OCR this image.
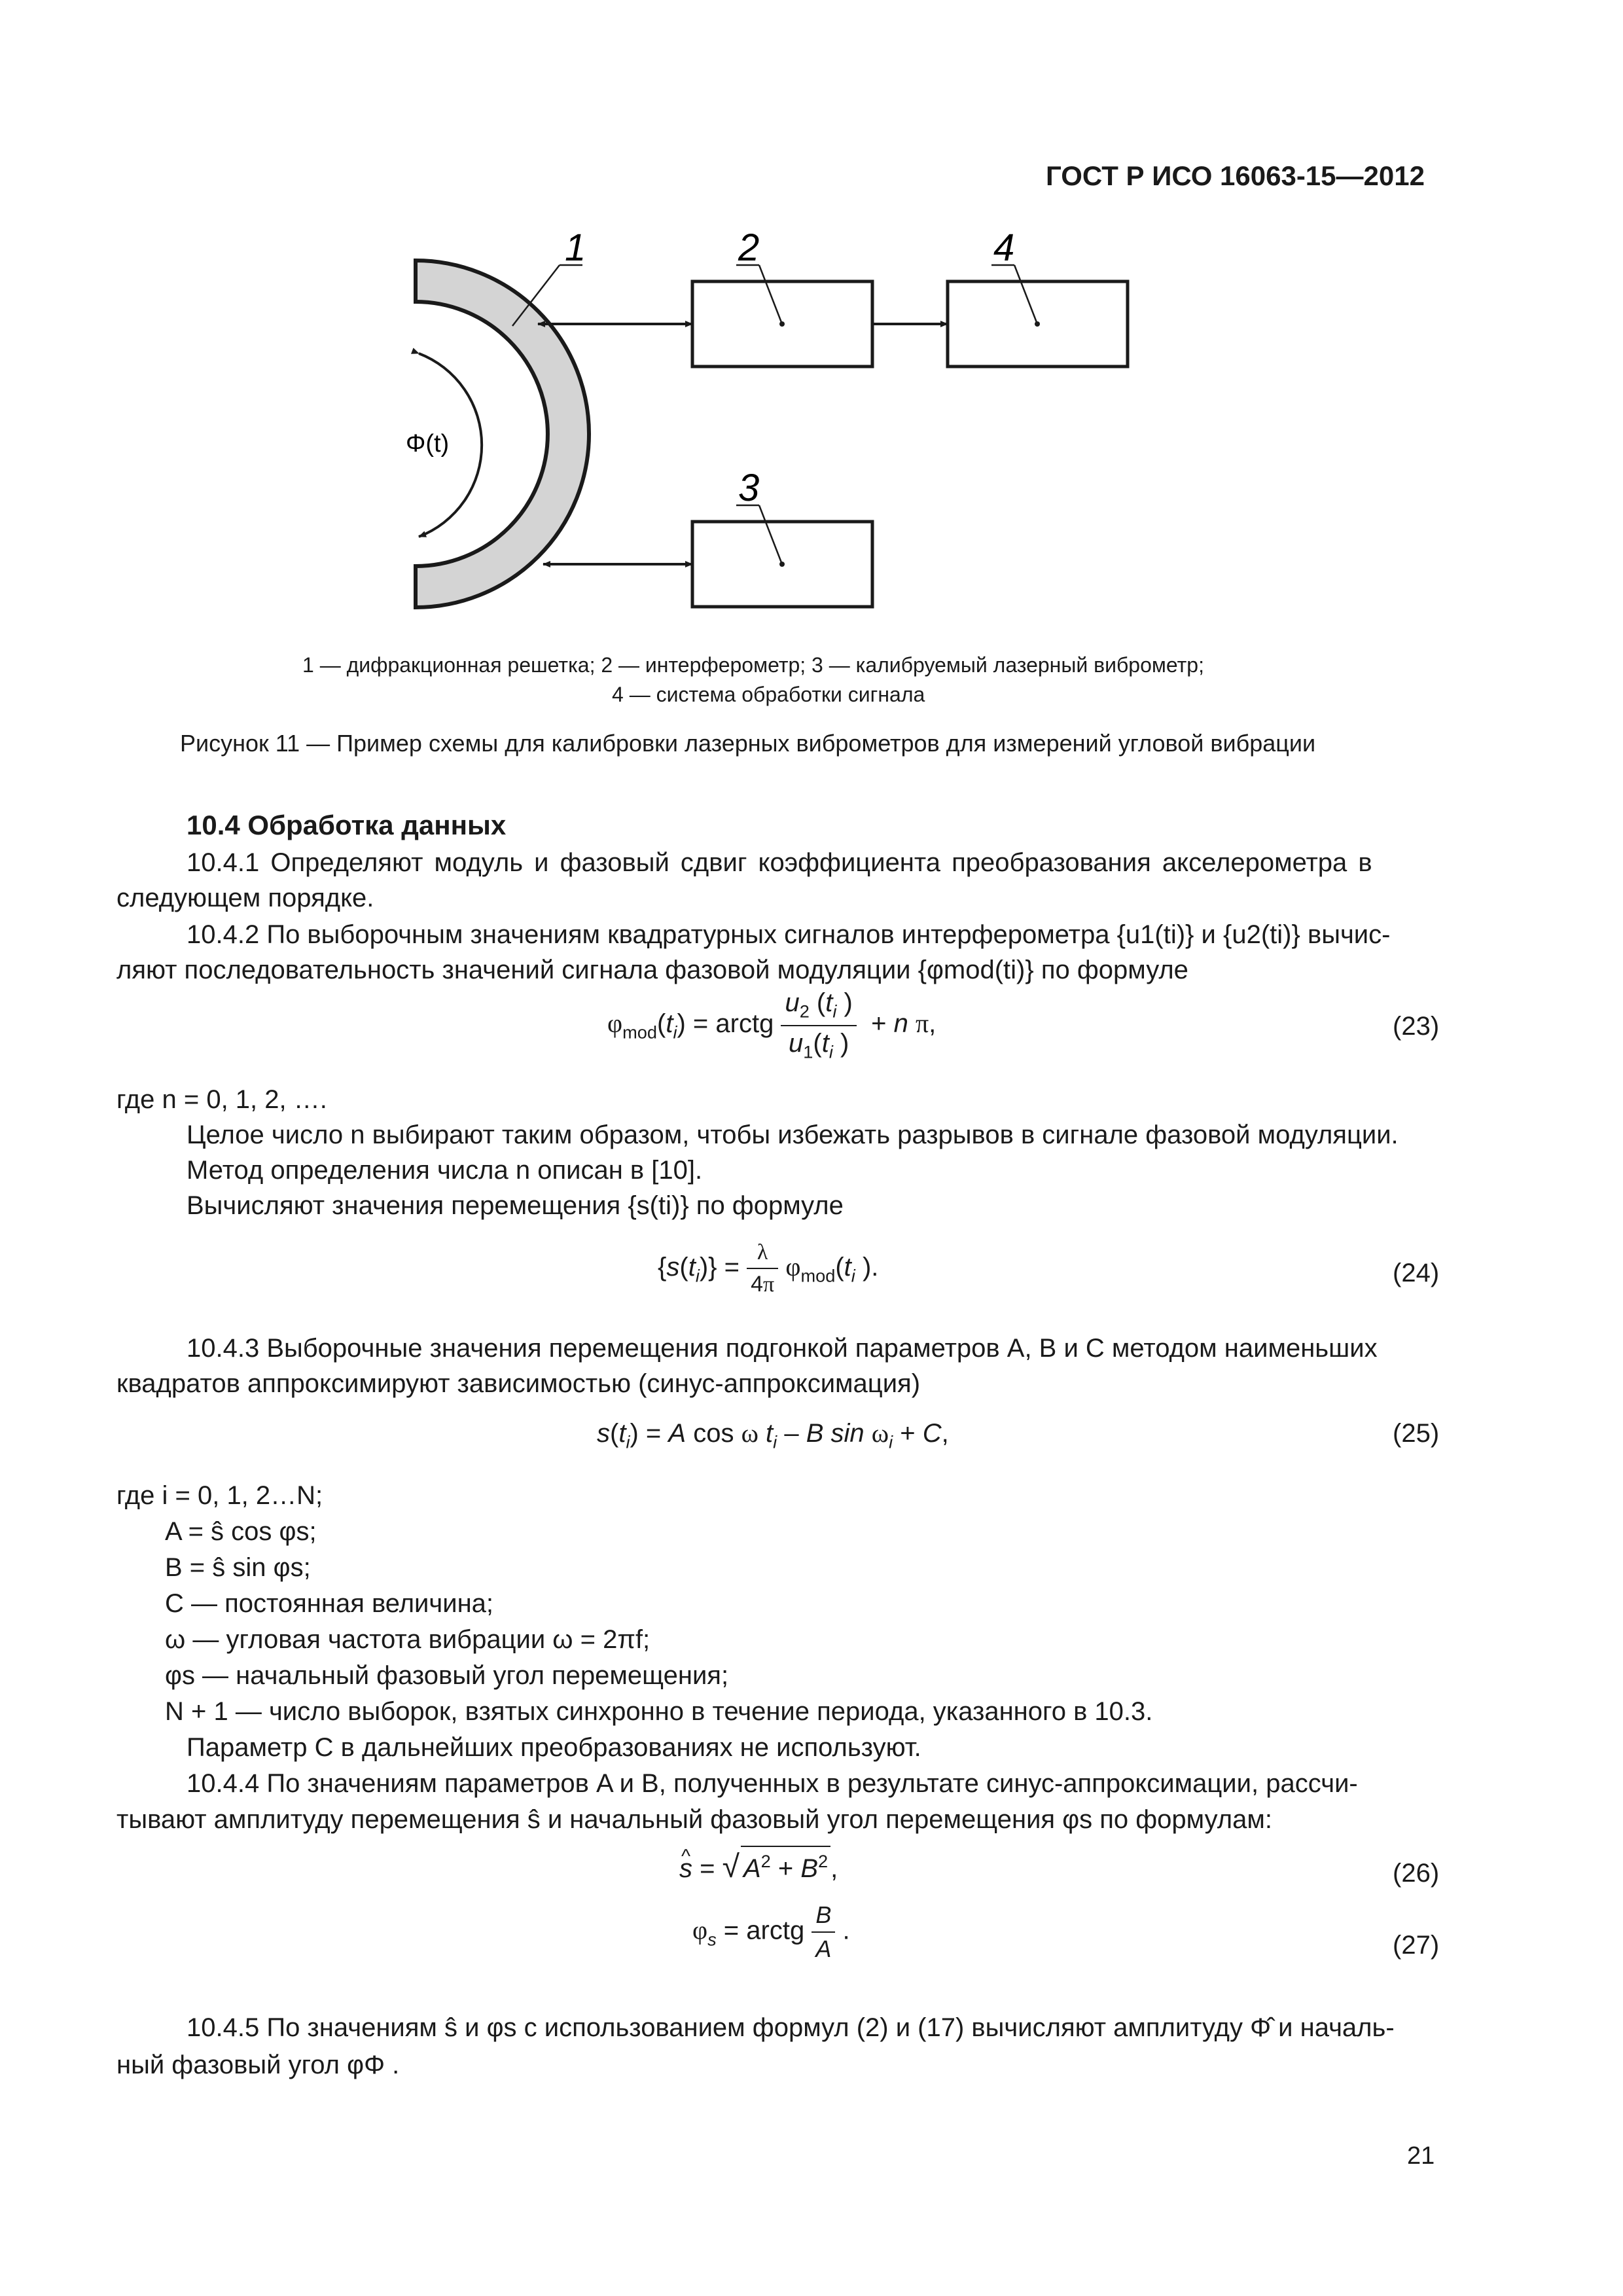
ГОСТ Р ИСО 16063-15—2012
1	2	4
3
Φ(t)
1 — дифракционная решетка; 2 — интерферометр; 3 — калибруемый лазерный виброметр;
4 — система обработки сигнала
Рисунок 11 — Пример схемы для калибровки лазерных виброметров для измерений угловой вибрации
10.4 Обработка данных
10.4.1 Определяют модуль и фазовый сдвиг коэффициента преобразования акселерометра в
следующем порядке.
10.4.2 По выборочным значениям квадратурных сигналов интерферометра {u1(ti)} и {u2(ti)} вычис-
ляют последовательность значений сигнала фазовой модуляции {φmod(ti)} по формуле
$\varphi_{mod}(t_i)$ = arctg $\frac{u_2 (t_i )}{u_1(t_i )} + n$ π,	(23)
где n = 0, 1, 2, ….
Целое число n выбирают таким образом, чтобы избежать разрывов в сигнале фазовой модуляции.
Метод определения числа n описан в [10].
Вычисляют значения перемещения {s(ti)} по формуле
$\{s(t_i)\} = \frac{\lambda}{4\pi} \varphi_{mod}(t_i$ ).	(24)
10.4.3 Выборочные значения перемещения подгонкой параметров A, B и C методом наименьших
квадратов аппроксимируют зависимостью (синус-аппроксимация)
$s(t_i) = A$ cos ω $t_i$ – B $\sin \omega_i + C$,	(25)
где i = 0, 1, 2…N;
A = ŝ cos φs;
B = ŝ sin φs;
C — постоянная величина;
ω — угловая частота вибрации ω = 2πf;
φs — начальный фазовый угол перемещения;
N + 1 — число выборок, взятых синхронно в течение периода, указанного в 10.3.
Параметр C в дальнейших преобразованиях не используют.
10.4.4 По значениям параметров A и B, полученных в результате синус-аппроксимации, рассчи-
тывают амплитуду перемещения ŝ и начальный фазовый угол перемещения φs по формулам:
s ^ = √ $A^2 + B^2$ ,	(26)
$\varphi_s$ = arctg $\frac{B}{A}$ .
(27)
10.4.5 По значениям ŝ и φs с использованием формул (2) и (17) вычисляют амплитуду Φ̂ и началь-
ный фазовый угол φΦ .
21
